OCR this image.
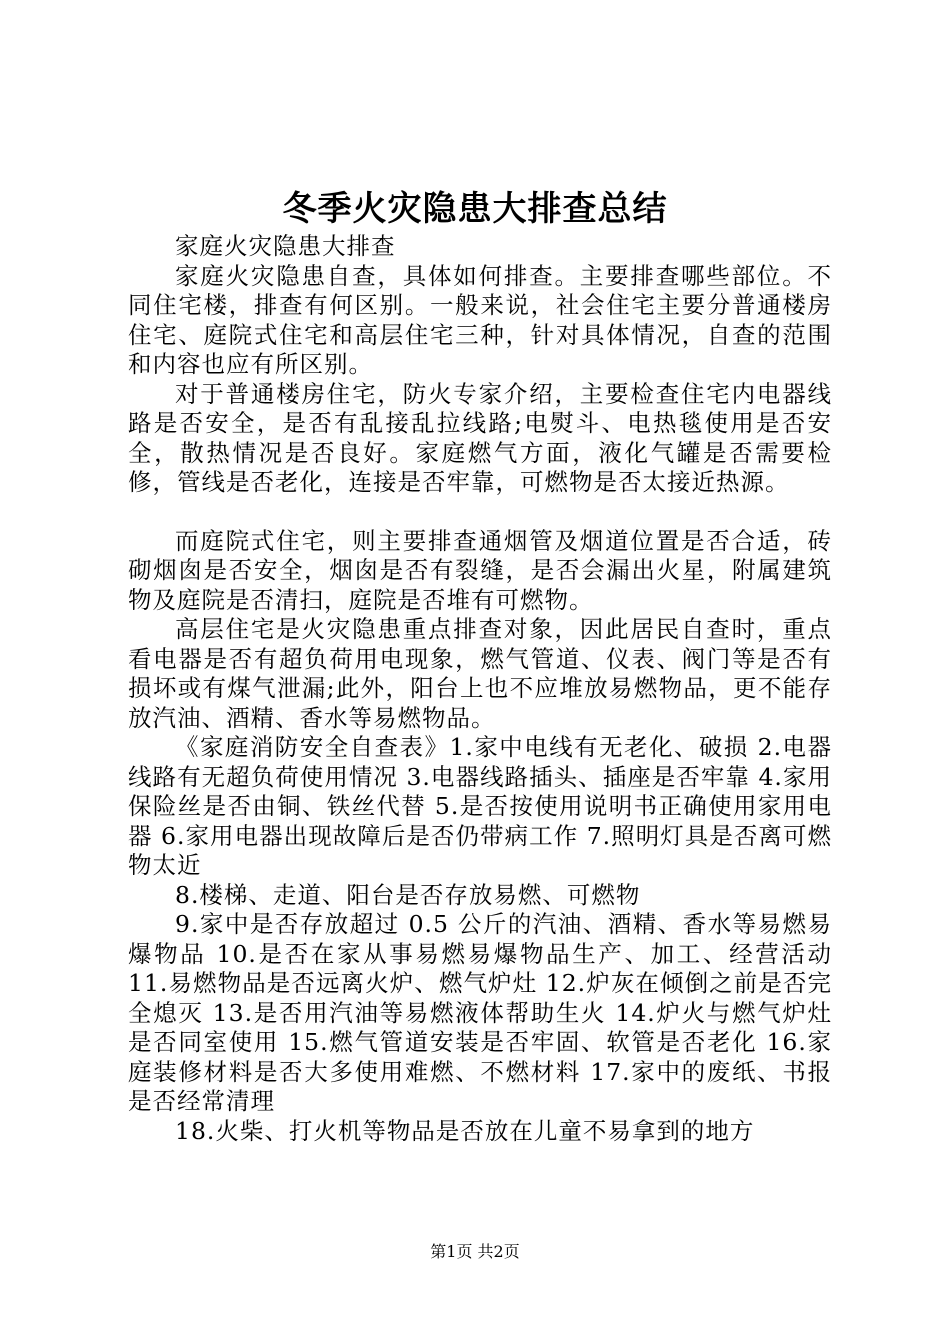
冬季火灾隐患大排查总结

家庭火灾隐患大排查

家庭火灾隐患自查，具体如何排查。主要排查哪些部位。不同住宅楼，排查有何区别。一般来说，社会住宅主要分普通楼房住宅、庭院式住宅和高层住宅三种，针对具体情况，自查的范围和内容也应有所区别。

对于普通楼房住宅，防火专家介绍，主要检查住宅内电器线路是否安全，是否有乱接乱拉线路;电熨斗、电热毯使用是否安全，散热情况是否良好。家庭燃气方面，液化气罐是否需要检修，管线是否老化，连接是否牢靠，可燃物是否太接近热源。

而庭院式住宅，则主要排查通烟管及烟道位置是否合适，砖砌烟囱是否安全，烟囱是否有裂缝，是否会漏出火星，附属建筑物及庭院是否清扫，庭院是否堆有可燃物。

高层住宅是火灾隐患重点排查对象，因此居民自查时，重点看电器是否有超负荷用电现象，燃气管道、仪表、阀门等是否有损坏或有煤气泄漏;此外，阳台上也不应堆放易燃物品，更不能存放汽油、酒精、香水等易燃物品。

《家庭消防安全自查表》1.家中电线有无老化、破损 2.电器线路有无超负荷使用情况 3.电器线路插头、插座是否牢靠 4.家用保险丝是否由铜、铁丝代替 5.是否按使用说明书正确使用家用电器 6.家用电器出现故障后是否仍带病工作 7.照明灯具是否离可燃物太近

8.楼梯、走道、阳台是否存放易燃、可燃物

9.家中是否存放超过 0.5 公斤的汽油、酒精、香水等易燃易爆物品 10.是否在家从事易燃易爆物品生产、加工、经营活动 11.易燃物品是否远离火炉、燃气炉灶 12.炉灰在倾倒之前是否完全熄灭 13.是否用汽油等易燃液体帮助生火 14.炉火与燃气炉灶是否同室使用 15.燃气管道安装是否牢固、软管是否老化 16.家庭装修材料是否大多使用难燃、不燃材料 17.家中的废纸、书报是否经常清理

18.火柴、打火机等物品是否放在儿童不易拿到的地方

第1页 共2页
